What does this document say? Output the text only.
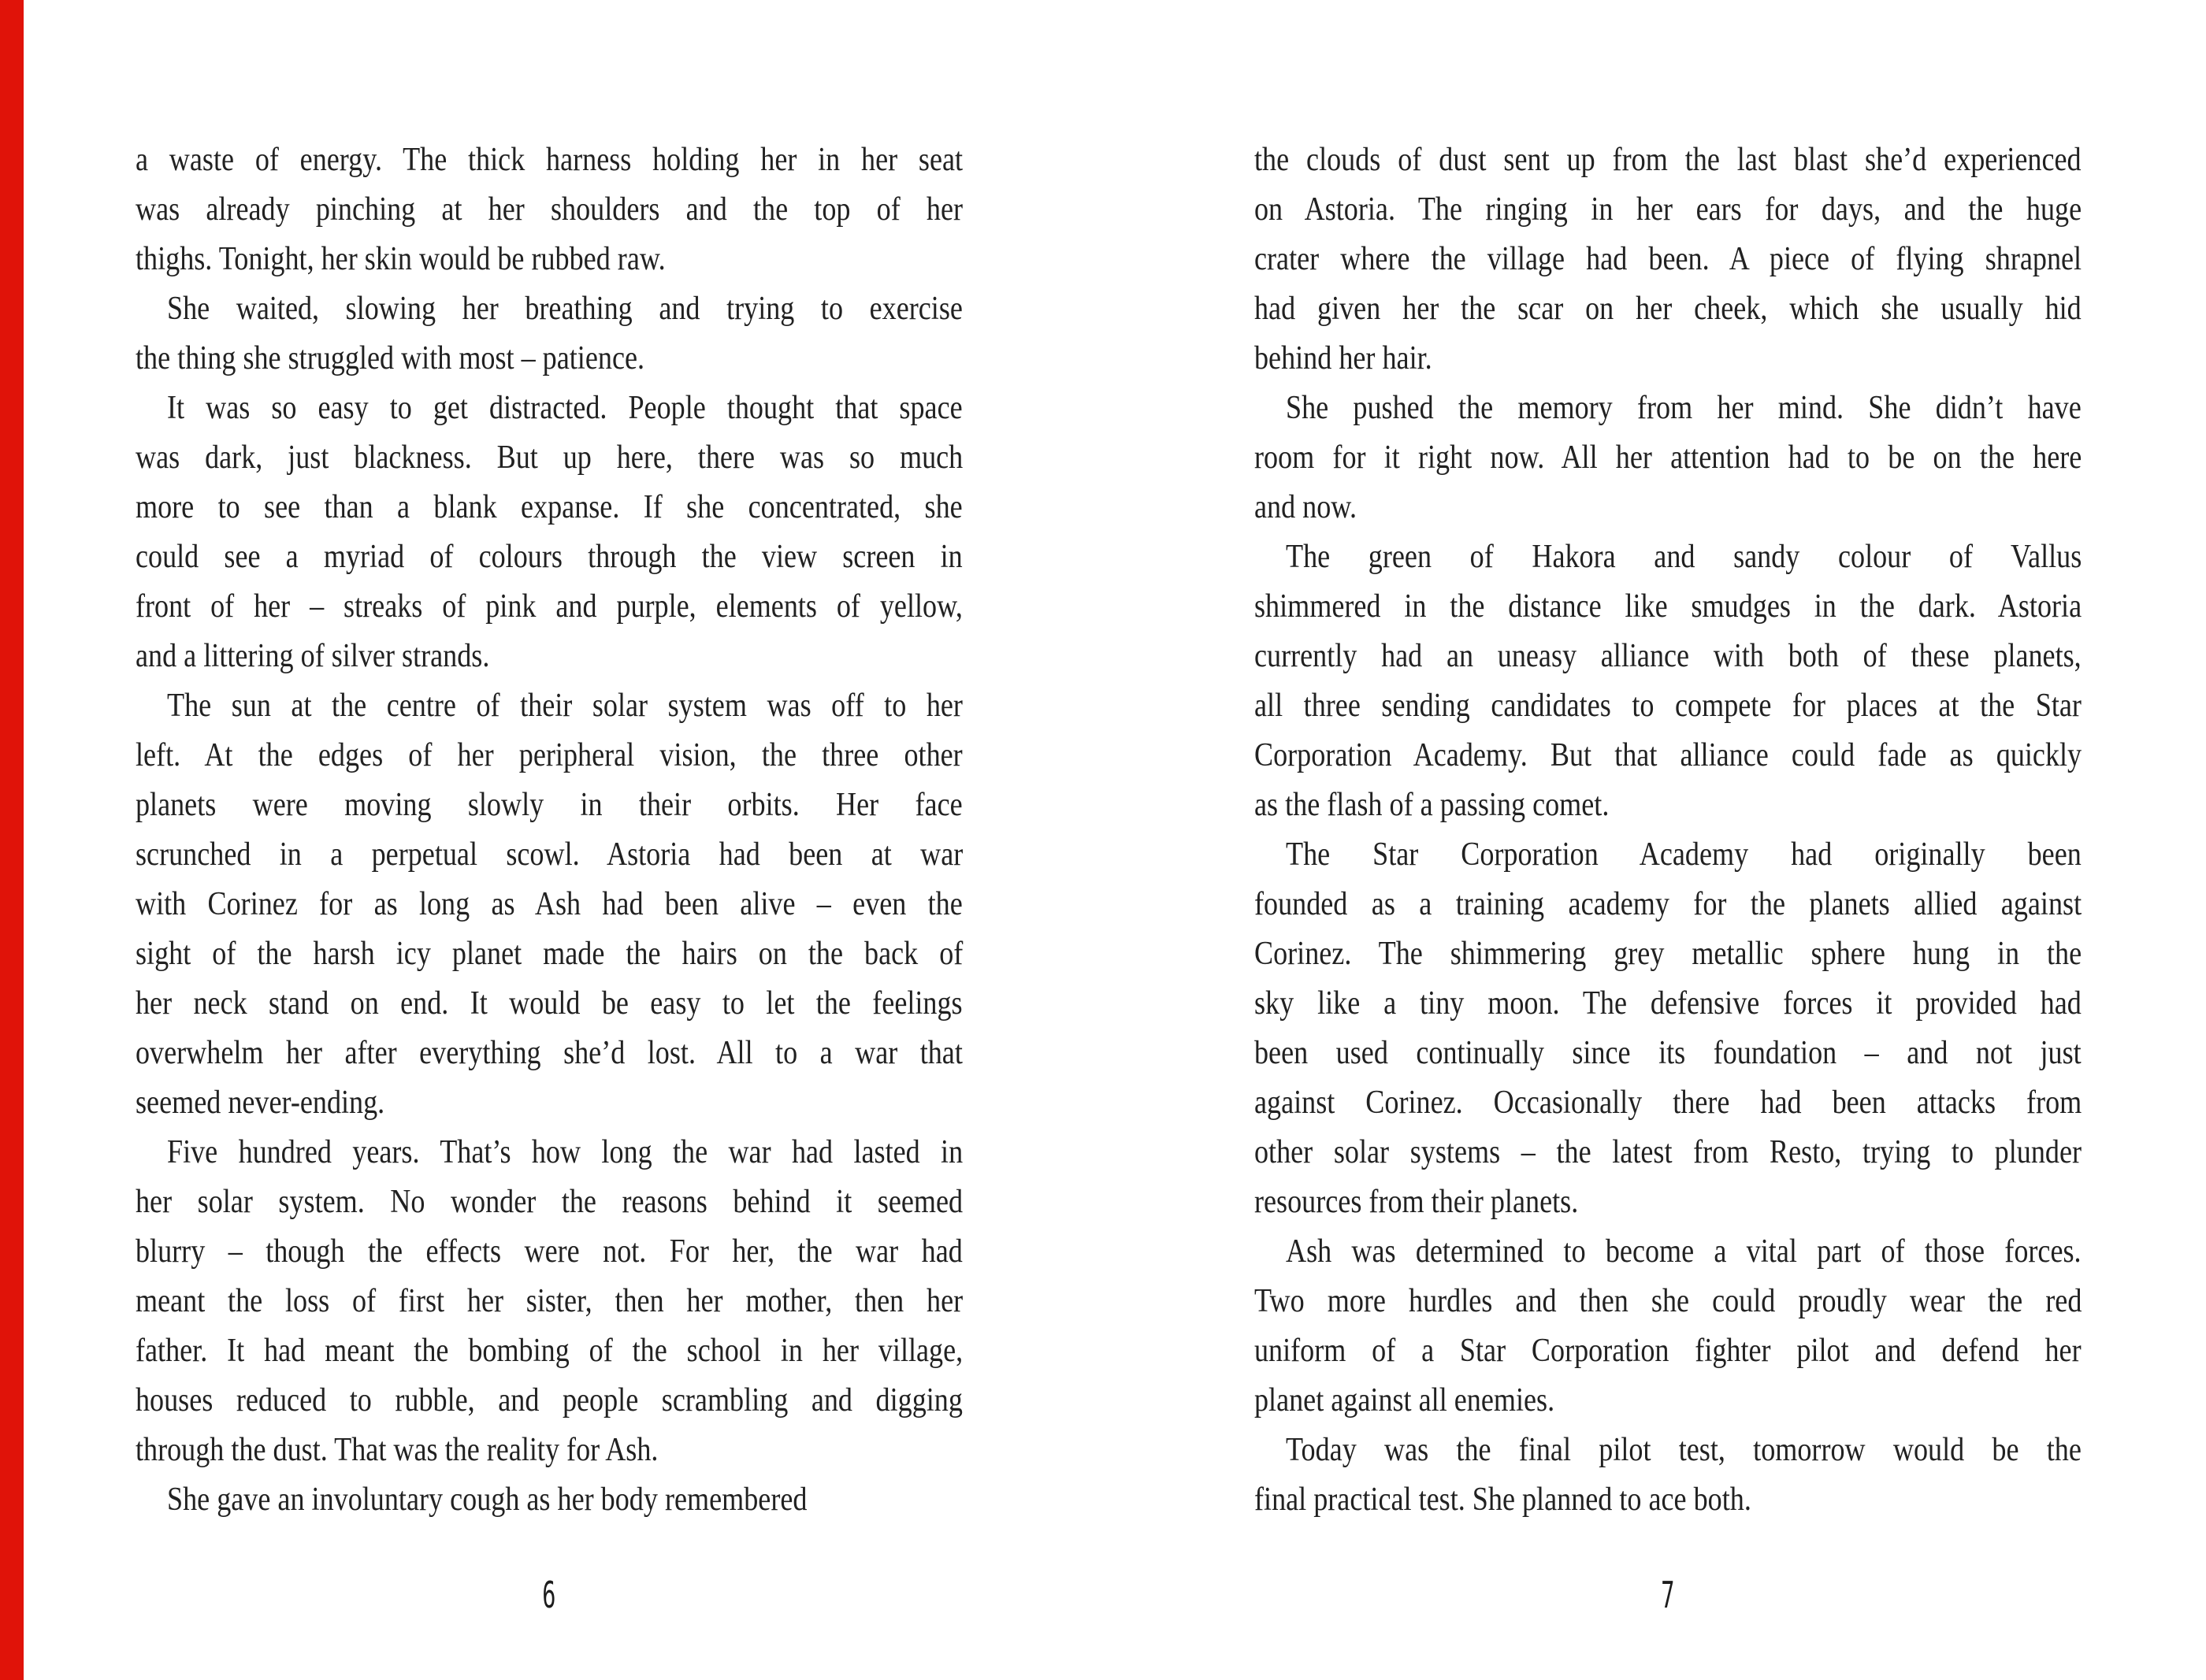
a waste of energy. The thick harness holding her in her seat
was already pinching at her shoulders and the top of her
thighs. Tonight, her skin would be rubbed raw.
She waited, slowing her breathing and trying to exercise
the thing she struggled with most – patience.
It was so easy to get distracted. People thought that space
was dark, just blackness. But up here, there was so much
more to see than a blank expanse. If she concentrated, she
could see a myriad of colours through the view screen in
front of her – streaks of pink and purple, elements of yellow,
and a littering of silver strands.
The sun at the centre of their solar system was off to her
left. At the edges of her peripheral vision, the three other
planets were moving slowly in their orbits. Her face
scrunched in a perpetual scowl. Astoria had been at war
with Corinez for as long as Ash had been alive – even the
sight of the harsh icy planet made the hairs on the back of
her neck stand on end. It would be easy to let the feelings
overwhelm her after everything she’d lost. All to a war that
seemed never-ending.
Five hundred years. That’s how long the war had lasted in
her solar system. No wonder the reasons behind it seemed
blurry – though the effects were not. For her, the war had
meant the loss of first her sister, then her mother, then her
father. It had meant the bombing of the school in her village,
houses reduced to rubble, and people scrambling and digging
through the dust. That was the reality for Ash.
She gave an involuntary cough as her body remembered
6
the clouds of dust sent up from the last blast she’d experienced
on Astoria. The ringing in her ears for days, and the huge
crater where the village had been. A piece of flying shrapnel
had given her the scar on her cheek, which she usually hid
behind her hair.
She pushed the memory from her mind. She didn’t have
room for it right now. All her attention had to be on the here
and now.
The green of Hakora and sandy colour of Vallus
shimmered in the distance like smudges in the dark. Astoria
currently had an uneasy alliance with both of these planets,
all three sending candidates to compete for places at the Star
Corporation Academy. But that alliance could fade as quickly
as the flash of a passing comet.
The Star Corporation Academy had originally been
founded as a training academy for the planets allied against
Corinez. The shimmering grey metallic sphere hung in the
sky like a tiny moon. The defensive forces it provided had
been used continually since its foundation – and not just
against Corinez. Occasionally there had been attacks from
other solar systems – the latest from Resto, trying to plunder
resources from their planets.
Ash was determined to become a vital part of those forces.
Two more hurdles and then she could proudly wear the red
uniform of a Star Corporation fighter pilot and defend her
planet against all enemies.
Today was the final pilot test, tomorrow would be the
final practical test. She planned to ace both.
7
